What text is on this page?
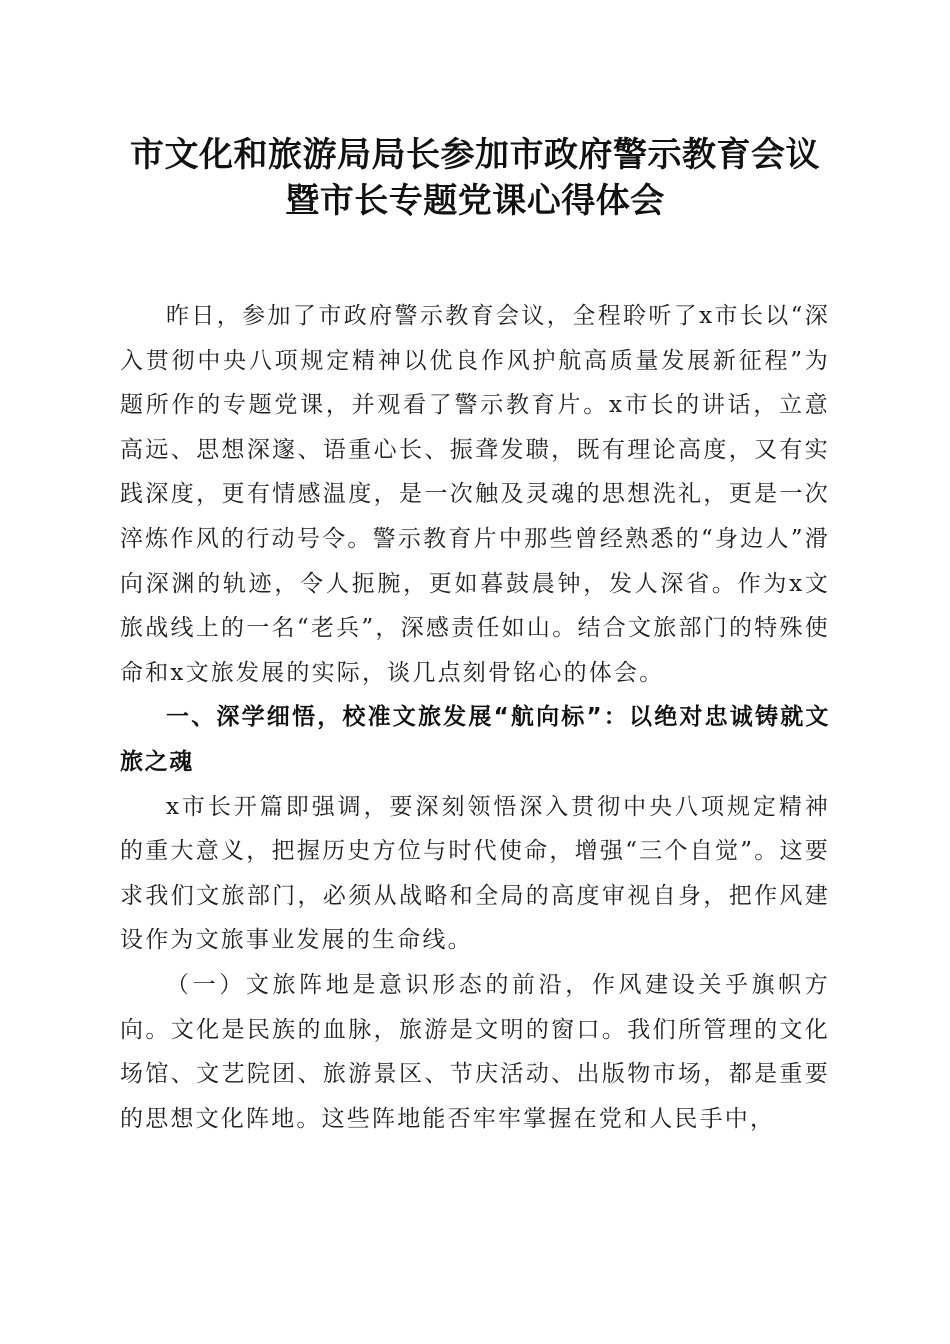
市文化和旅游局局长参加市政府警示教育会议
暨市长专题党课心得体会

昨日，参加了市政府警示教育会议，全程聆听了x市长以“深入贯彻中央八项规定精神以优良作风护航高质量发展新征程”为题所作的专题党课，并观看了警示教育片。x市长的讲话，立意高远、思想深邃、语重心长、振聋发聩，既有理论高度，又有实践深度，更有情感温度，是一次触及灵魂的思想洗礼，更是一次淬炼作风的行动号令。警示教育片中那些曾经熟悉的“身边人”滑向深渊的轨迹，令人扼腕，更如暮鼓晨钟，发人深省。作为x文旅战线上的一名“老兵”，深感责任如山。结合文旅部门的特殊使命和x文旅发展的实际，谈几点刻骨铭心的体会。

一、深学细悟，校准文旅发展“航向标”：以绝对忠诚铸就文旅之魂

x市长开篇即强调，要深刻领悟深入贯彻中央八项规定精神的重大意义，把握历史方位与时代使命，增强“三个自觉”。这要求我们文旅部门，必须从战略和全局的高度审视自身，把作风建设作为文旅事业发展的生命线。

（一）文旅阵地是意识形态的前沿，作风建设关乎旗帜方向。文化是民族的血脉，旅游是文明的窗口。我们所管理的文化场馆、文艺院团、旅游景区、节庆活动、出版物市场，都是重要的思想文化阵地。这些阵地能否牢牢掌握在党和人民手中，
